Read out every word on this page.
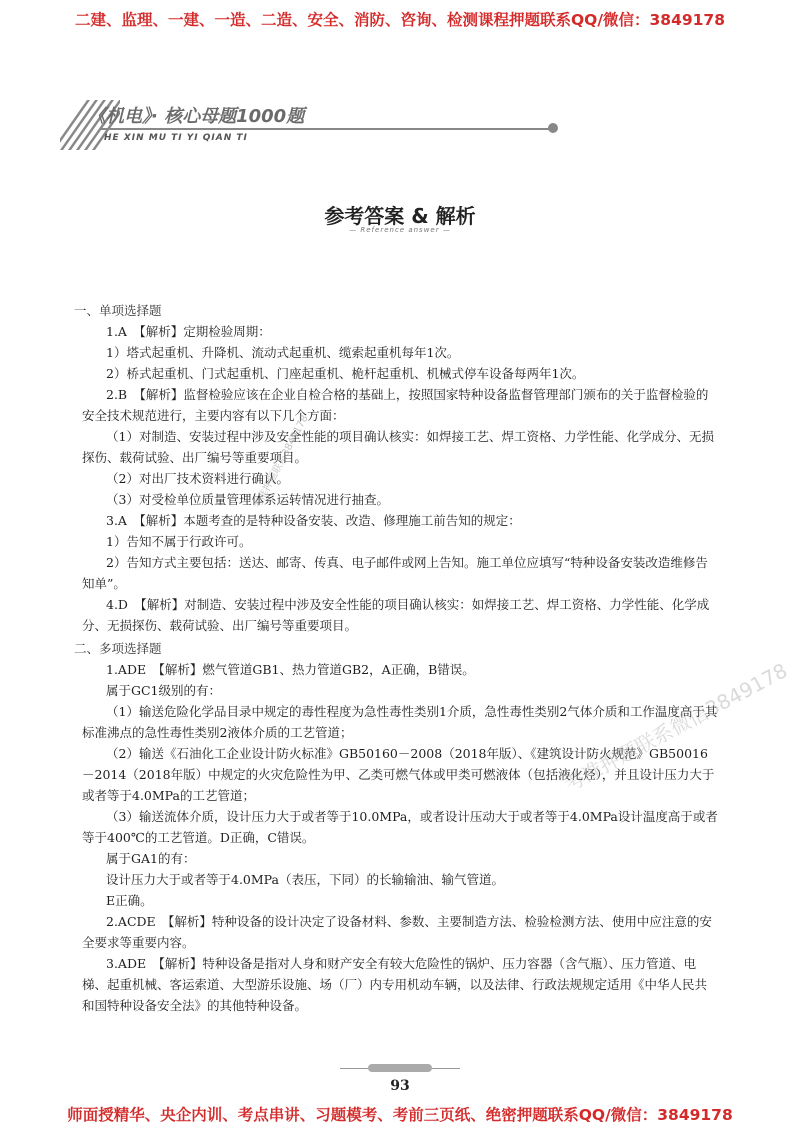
二建、监理、一建、一造、二造、安全、消防、咨询、检测课程押题联系QQ/微信：3849178
《机电》· 核心母题1000题
HE XIN MU TI YI QIAN TI
参考答案 & 解析
— Reference answer —

一、单项选择题

1.A　【解析】定期检验周期：

1）塔式起重机、升降机、流动式起重机、缆索起重机每年1次。

2）桥式起重机、门式起重机、门座起重机、桅杆起重机、机械式停车设备每两年1次。

2.B　【解析】监督检验应该在企业自检合格的基础上，按照国家特种设备监督管理部门颁布的关于监督检验的安全技术规范进行，主要内容有以下几个方面：

（1）对制造、安装过程中涉及安全性能的项目确认核实：如焊接工艺、焊工资格、力学性能、化学成分、无损探伤、载荷试验、出厂编号等重要项目。

（2）对出厂技术资料进行确认。

（3）对受检单位质量管理体系运转情况进行抽查。

3.A　【解析】本题考查的是特种设备安装、改造、修理施工前告知的规定：

1）告知不属于行政许可。

2）告知方式主要包括：送达、邮寄、传真、电子邮件或网上告知。施工单位应填写“特种设备安装改造维修告知单”。

4.D　【解析】对制造、安装过程中涉及安全性能的项目确认核实：如焊接工艺、焊工资格、力学性能、化学成分、无损探伤、载荷试验、出厂编号等重要项目。

二、多项选择题

1.ADE　【解析】燃气管道GB1、热力管道GB2，A正确，B错误。

属于GC1级别的有：

（1）输送危险化学品目录中规定的毒性程度为急性毒性类别1介质，急性毒性类别2气体介质和工作温度高于其标准沸点的急性毒性类别2液体介质的工艺管道；

（2）输送《石油化工企业设计防火标准》GB50160－2008（2018年版）、《建筑设计防火规范》GB50016－2014（2018年版）中规定的火灾危险性为甲、乙类可燃气体或甲类可燃液体（包括液化烃），并且设计压力大于或者等于4.0MPa的工艺管道；

（3）输送流体介质，设计压力大于或者等于10.0MPa，或者设计压动大于或者等于4.0MPa设计温度高于或者等于400℃的工艺管道。D正确，C错误。

属于GA1的有：

设计压力大于或者等于4.0MPa（表压，下同）的长输输油、输气管道。

E正确。

2.ACDE　【解析】特种设备的设计决定了设备材料、参数、主要制造方法、检验检测方法、使用中应注意的安全要求等重要内容。

3.ADE　【解析】特种设备是指对人身和财产安全有较大危险性的锅炉、压力容器（含气瓶）、压力管道、电梯、起重机械、客运索道、大型游乐设施、场（厂）内专用机动车辆，以及法律、行政法规规定适用《中华人民共和国特种设备安全法》的其他特种设备。

考准押题联系微信3849178
考准押题联系3849178
93
师面授精华、央企内训、考点串讲、习题模考、考前三页纸、绝密押题联系QQ/微信：3849178
